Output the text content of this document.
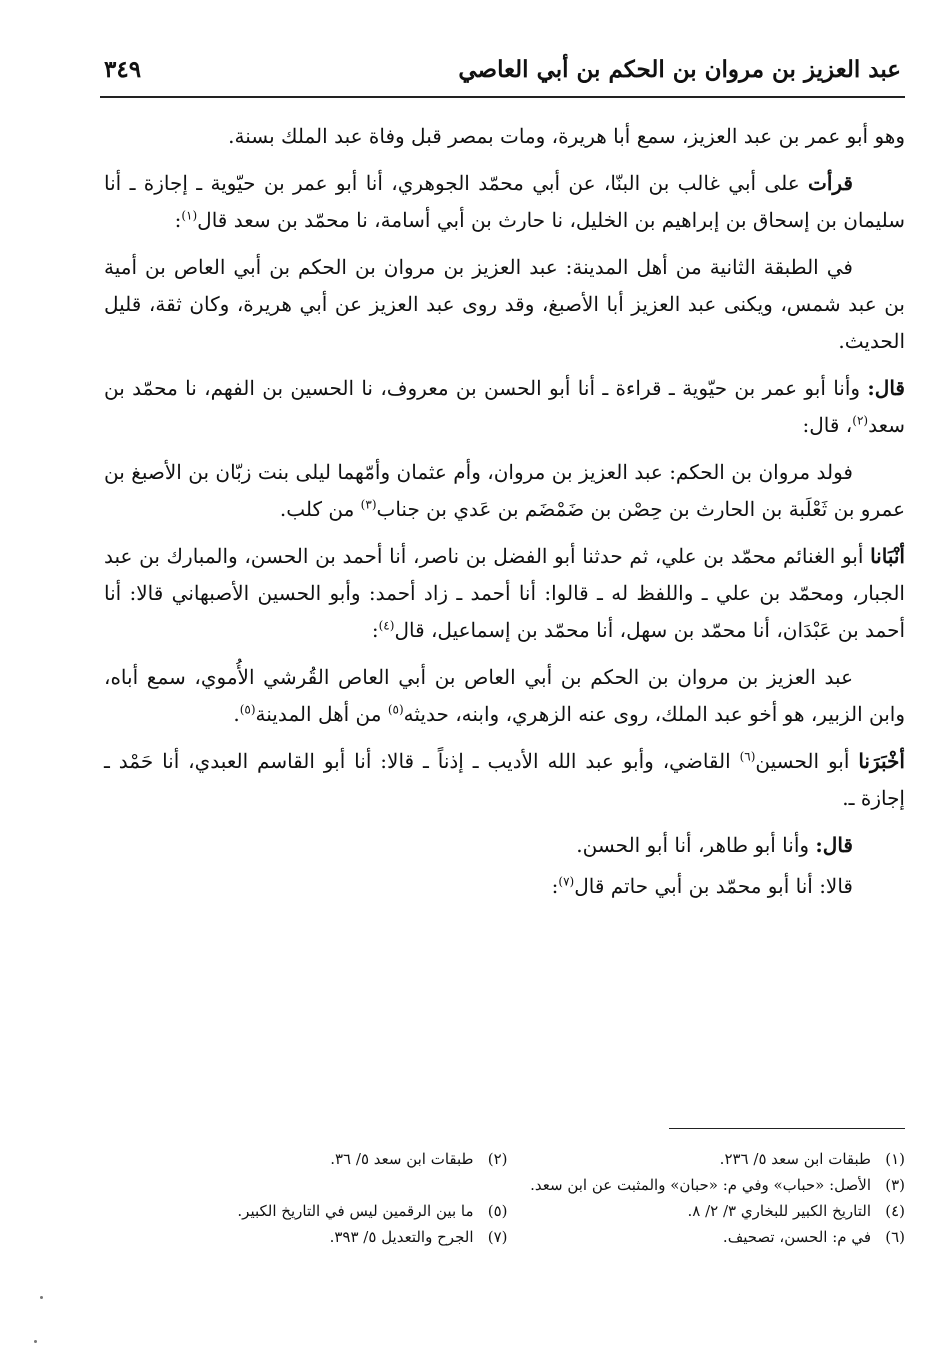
عبد العزيز بن مروان بن الحكم بن أبي العاصي
٣٤٩

وهو أبو عمر بن عبد العزيز، سمع أبا هريرة، ومات بمصر قبل وفاة عبد الملك بسنة.

قرأت على أبي غالب بن البنّا، عن أبي محمّد الجوهري، أنا أبو عمر بن حيّوية ـ إجازة ـ أنا سليمان بن إسحاق بن إبراهيم بن الخليل، نا حارث بن أبي أسامة، نا محمّد بن سعد قال$^{(١)}$:

في الطبقة الثانية من أهل المدينة: عبد العزيز بن مروان بن الحكم بن أبي العاص بن أمية بن عبد شمس، ويكنى عبد العزيز أبا الأصبغ، وقد روى عبد العزيز عن أبي هريرة، وكان ثقة، قليل الحديث.

قال: وأنا أبو عمر بن حيّوية ـ قراءة ـ أنا أبو الحسن بن معروف، نا الحسين بن الفهم، نا محمّد بن سعد$^{(٢)}$، قال:

فولد مروان بن الحكم: عبد العزيز بن مروان، وأم عثمان وأمّهما ليلى بنت زبّان بن الأصبغ بن عمرو بن ثَعْلَبة بن الحارث بن حِصْن بن ضَمْضَم بن عَدي بن جناب$^{(٣)}$ من كلب.

أنْبَانا أبو الغنائم محمّد بن علي، ثم حدثنا أبو الفضل بن ناصر، أنا أحمد بن الحسن، والمبارك بن عبد الجبار، ومحمّد بن علي ـ واللفظ له ـ قالوا: أنا أحمد ـ زاد أحمد: وأبو الحسين الأصبهاني قالا: أنا أحمد بن عَبْدَان، أنا محمّد بن سهل، أنا محمّد بن إسماعيل، قال$^{(٤)}$:

عبد العزيز بن مروان بن الحكم بن أبي العاص بن أبي العاص القُرشي الأُموي، سمع أباه، وابن الزبير، هو أخو عبد الملك، روى عنه الزهري، وابنه، حديثه$^{(٥)}$ من أهل المدينة$^{(٥)}$.

أخْبَرَنا أبو الحسين$^{(٦)}$ القاضي، وأبو عبد الله الأديب ـ إذناً ـ قالا: أنا أبو القاسم العبدي، أنا حَمْد ـ إجازة ـ.

قال: وأنا أبو طاهر، أنا أبو الحسن.

قالا: أنا أبو محمّد بن أبي حاتم قال$^{(٧)}$:

(١)طبقات ابن سعد ٥/ ٢٣٦.
(٢)طبقات ابن سعد ٥/ ٣٦.
(٣)الأصل: «حباب» وفي م: «حبان» والمثبت عن ابن سعد.
(٤)التاريخ الكبير للبخاري ٣/ ٢/ ٨.
(٥)ما بين الرقمين ليس في التاريخ الكبير.
(٦)في م: الحسن، تصحيف.
(٧)الجرح والتعديل ٥/ ٣٩٣.
